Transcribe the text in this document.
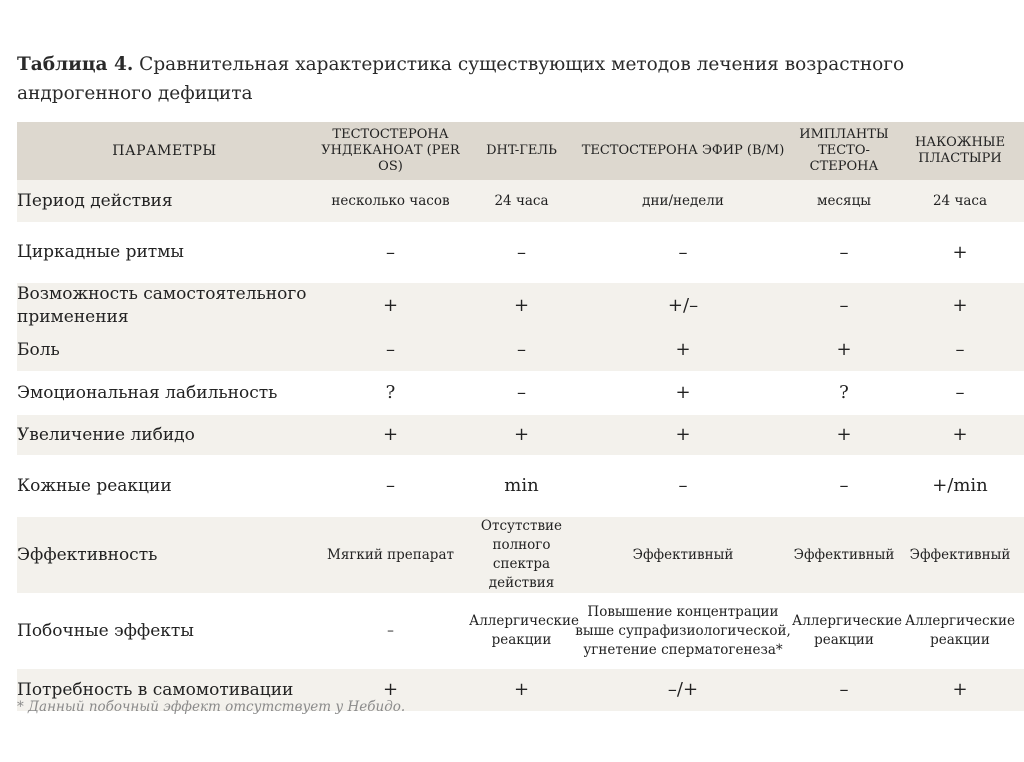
Таблица 4. Сравнительная характеристика существующих методов лечения возрастного андрогенного дефицита
ПАРАМЕТРЫ	ТЕСТОСТЕРОНА УНДЕКАНОАТ (PER OS)	DHT-ГЕЛЬ	ТЕСТОСТЕРОНА ЭФИР (В/М)	ИМПЛАНТЫ ТЕСТО-СТЕРОНА	НАКОЖНЫЕ ПЛАСТЫРИ
Период действия	несколько часов	24 часа	дни/недели	месяцы	24 часа
Циркадные ритмы	–	–	–	–	+
Возможность самостоятельного применения	+	+	+/–	–	+
Боль	–	–	+	+	–
Эмоциональная лабильность	?	–	+	?	–
Увеличение либидо	+	+	+	+	+
Кожные реакции	–	min	–	–	+/min
Эффективность	Мягкий препарат	Отсутствие полного спектра действия	Эффективный	Эффективный	Эффективный
Побочные эффекты	–	Аллергические реакции	Повышение концентрации выше супрафизиологической, угнетение сперматогенеза*	Аллергические реакции	Аллергические реакции
Потребность в самомотивации	+	+	–/+	–	+
* Данный побочный эффект отсутствует у Небидо.
